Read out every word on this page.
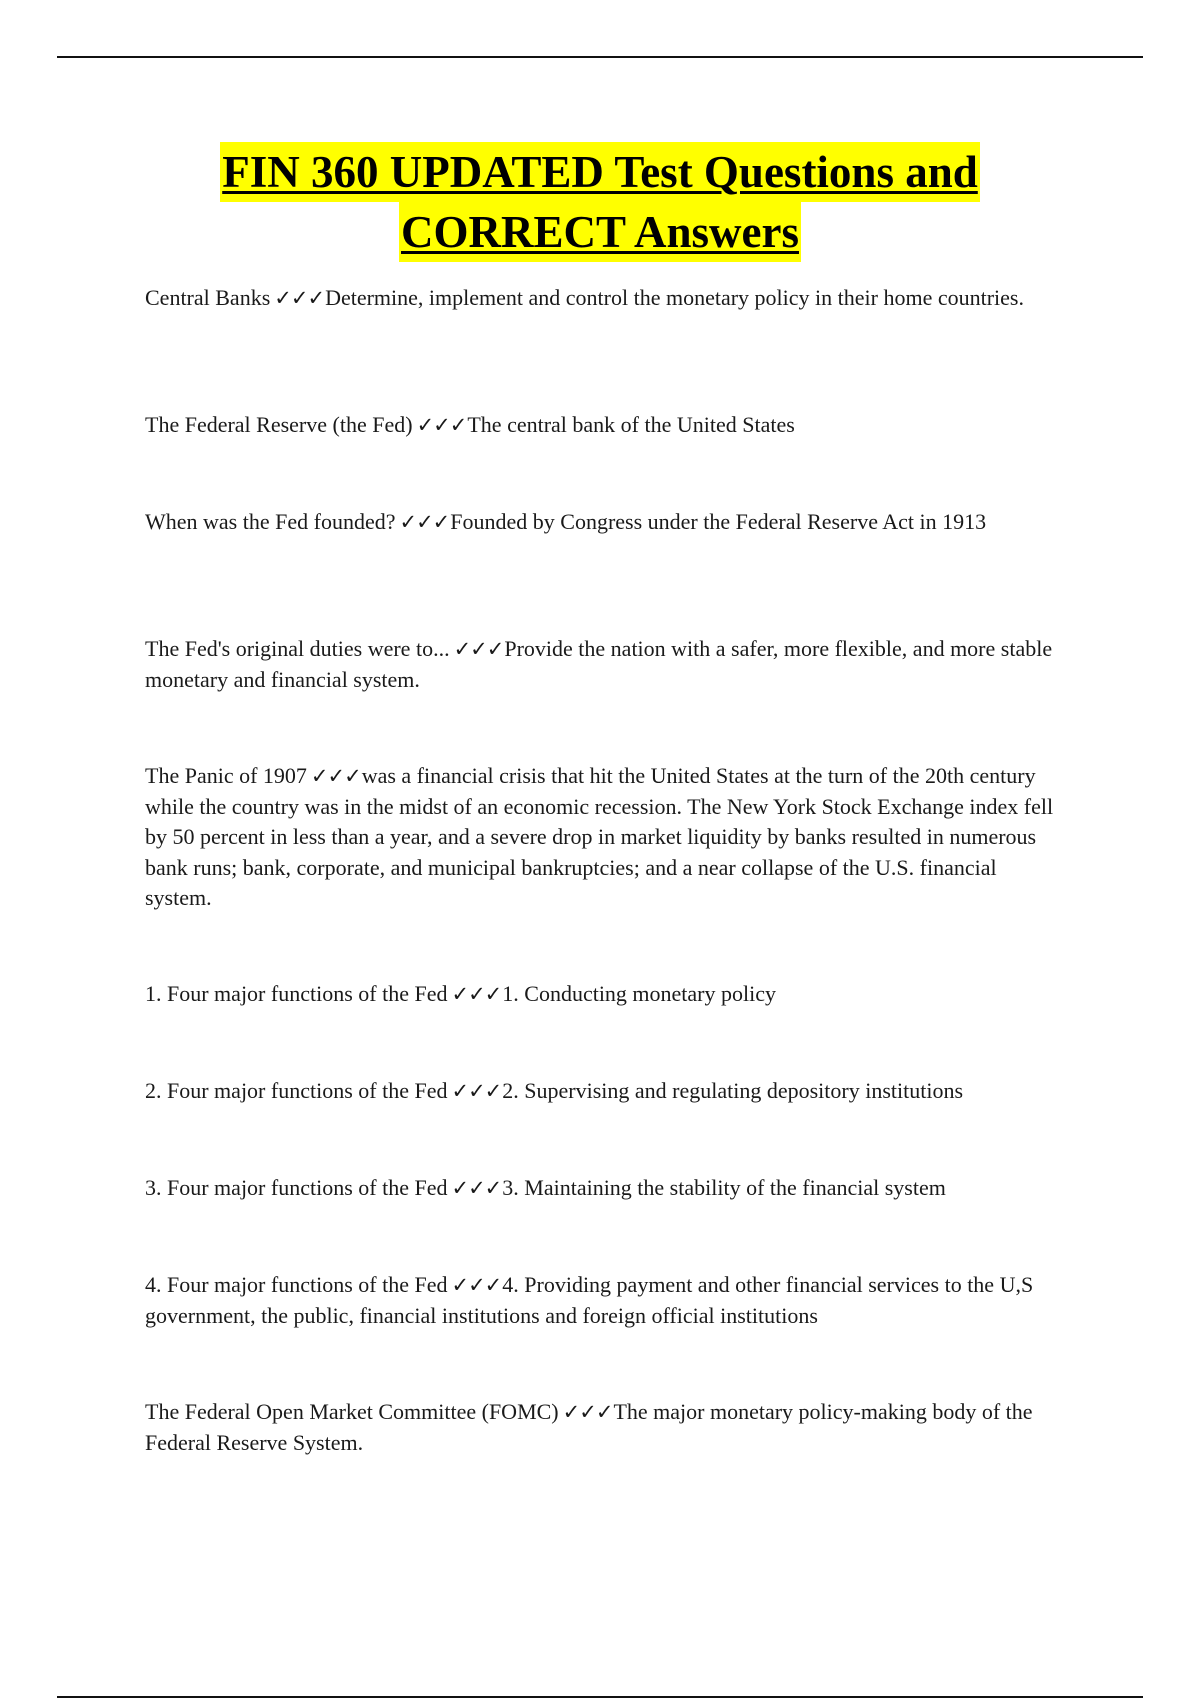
FIN 360 UPDATED Test Questions and
CORRECT Answers
Central Banks ✓✓✓Determine, implement and control the monetary policy in their home countries.
The Federal Reserve (the Fed) ✓✓✓The central bank of the United States
When was the Fed founded? ✓✓✓Founded by Congress under the Federal Reserve Act in 1913
The Fed's original duties were to... ✓✓✓Provide the nation with a safer, more flexible, and more stable monetary and financial system.
The Panic of 1907 ✓✓✓was a financial crisis that hit the United States at the turn of the 20th century while the country was in the midst of an economic recession. The New York Stock Exchange index fell by 50 percent in less than a year, and a severe drop in market liquidity by banks resulted in numerous bank runs; bank, corporate, and municipal bankruptcies; and a near collapse of the U.S. financial system.
1. Four major functions of the Fed ✓✓✓1. Conducting monetary policy
2. Four major functions of the Fed ✓✓✓2. Supervising and regulating depository institutions
3. Four major functions of the Fed ✓✓✓3. Maintaining the stability of the financial system
4. Four major functions of the Fed ✓✓✓4. Providing payment and other financial services to the U,S government, the public, financial institutions and foreign official institutions
The Federal Open Market Committee (FOMC) ✓✓✓The major monetary policy-making body of the Federal Reserve System.
